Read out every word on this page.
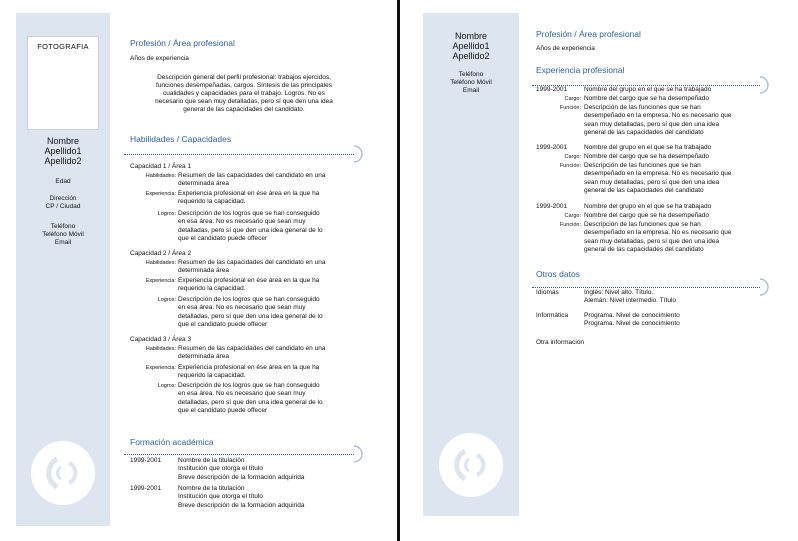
FOTOGRAFIA
Nombre
Apellido1
Apellido2
Edad
Dirección
CP / Ciudad
Teléfono
Teléfono Móvil
Email
Profesión / Área profesional
Años de experiencia
Descripción general del perfil profesional: trabajos ejercidos,
funciones desempeñadas, cargos. Síntesis de las principales
cualidades y capacidades para el trabajo. Logros. No es
necesario que sean muy detalladas, pero sí que den una idea
general de las capacidades del candidato.
Habilidades / Capacidades
Capacidad 1 / Área 1
Habilidades: Resumen de las capacidades del candidato en una
determinada área
Experiencia: Experiencia profesional en ése área en la que ha
requerido la capacidad.
Logros: Descripción de los logros que se han conseguido
en esa área. No es necesario que sean muy
detalladas, pero sí que den una idea general de lo
que el candidato puede offecer
Capacidad 2 / Área 2
Habilidades: Resumen de las capacidades del candidato en una
determinada área
Experiencia: Experiencia profesional en ése área en la que ha
requerido la capacidad.
Logros: Descripción de los logros que se han conseguido
en esa área. No es necesario que sean muy
detalladas, pero sí que den una idea general de lo
que el candidato puede offecer
Capacidad 3 / Área 3
Habilidades: Resumen de las capacidades del candidato en una
determinada área
Experiencia: Experiencia profesional en ése área en la que ha
requerido la capacidad.
Logros: Descripción de los logros que se han conseguido
en esa área. No es necesario que sean muy
detalladas, pero sí que den una idea general de lo
que el candidato puede offecer
Formación académica
1999-2001	Nombre de la titulación
Institución que otorga el título
Breve descripción de la formación adquirida
1999-2001	Nombre de la titulación
Institución que otorga el título
Breve descripción de la formación adquirida
Nombre
Apellido1
Apellido2
Teléfono
Teléfono Móvil
Email
Profesión / Área profesional
Años de experiencia
Experiencia profesional
1999-2001	Nombre del grupo en el que se ha trabajado
Cargo: Nombre del cargo que se ha desempeñado
Función: Descripción de las funciones que se han
desempeñado en la empresa. No es necesario que
sean muy detalladas, pero sí que den una idea
general de las capacidades del candidato
1999-2001	Nombre del grupo en el que se ha trabajado
Cargo: Nombre del cargo que se ha desempeñado
Función: Descripción de las funciones que se han
desempeñado en la empresa. No es necesario que
sean muy detalladas, pero sí que den una idea
general de las capacidades del candidato
1999-2001	Nombre del grupo en el que se ha trabajado
Cargo: Nombre del cargo que se ha desempeñado
Función: Descripción de las funciones que se han
desempeñado en la empresa. No es necesario que
sean muy detalladas, pero sí que den una idea
general de las capacidades del candidato
Otros datos
Idiomas	Inglés: Nivel alto. Título.
Alemán: Nivel intermedio. Título
Informática Programa. Nivel de conocimiento
Programa. Nivel de conocimiento
Otra información
